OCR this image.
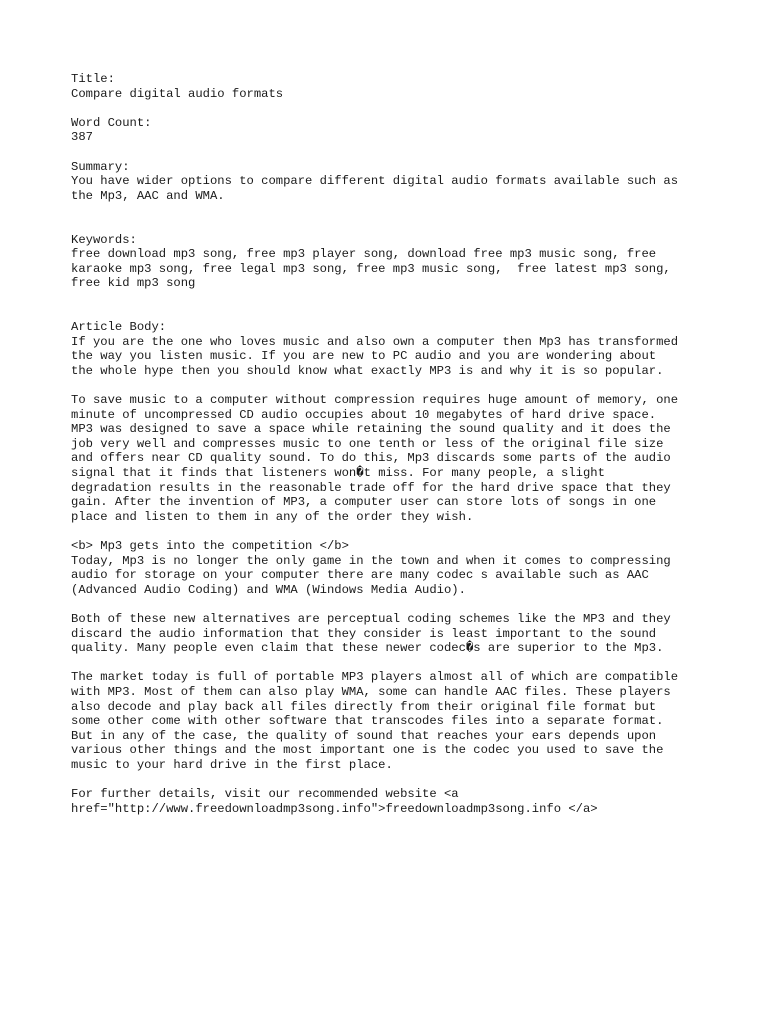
Title:
Compare digital audio formats
Word Count:
387
Summary:
You have wider options to compare different digital audio formats available such as
the Mp3, AAC and WMA.
Keywords:
free download mp3 song, free mp3 player song, download free mp3 music song, free
karaoke mp3 song, free legal mp3 song, free mp3 music song,  free latest mp3 song,
free kid mp3 song
Article Body:
If you are the one who loves music and also own a computer then Mp3 has transformed
the way you listen music. If you are new to PC audio and you are wondering about
the whole hype then you should know what exactly MP3 is and why it is so popular.
To save music to a computer without compression requires huge amount of memory, one
minute of uncompressed CD audio occupies about 10 megabytes of hard drive space.
MP3 was designed to save a space while retaining the sound quality and it does the
job very well and compresses music to one tenth or less of the original file size
and offers near CD quality sound. To do this, Mp3 discards some parts of the audio
signal that it finds that listeners won�t miss. For many people, a slight
degradation results in the reasonable trade off for the hard drive space that they
gain. After the invention of MP3, a computer user can store lots of songs in one
place and listen to them in any of the order they wish.
<b> Mp3 gets into the competition </b>
Today, Mp3 is no longer the only game in the town and when it comes to compressing
audio for storage on your computer there are many codec s available such as AAC
(Advanced Audio Coding) and WMA (Windows Media Audio).
Both of these new alternatives are perceptual coding schemes like the MP3 and they
discard the audio information that they consider is least important to the sound
quality. Many people even claim that these newer codec�s are superior to the Mp3.
The market today is full of portable MP3 players almost all of which are compatible
with MP3. Most of them can also play WMA, some can handle AAC files. These players
also decode and play back all files directly from their original file format but
some other come with other software that transcodes files into a separate format.
But in any of the case, the quality of sound that reaches your ears depends upon
various other things and the most important one is the codec you used to save the
music to your hard drive in the first place.
For further details, visit our recommended website <a
href="http://www.freedownloadmp3song.info">freedownloadmp3song.info </a>
